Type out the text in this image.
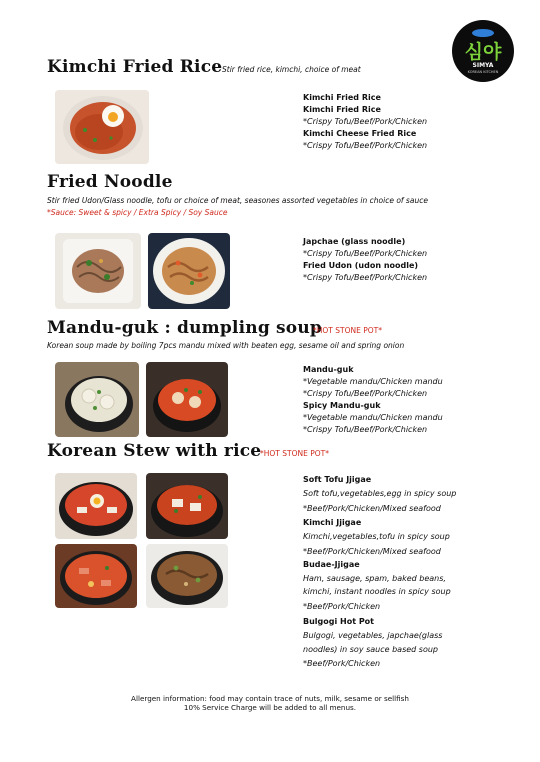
심야
SIMYA
KOREAN KITCHEN
Kimchi Fried Rice Stir fried rice, kimchi, choice of meat
Kimchi Fried Rice
Kimchi Fried Rice
*Crispy Tofu/Beef/Pork/Chicken
Kimchi Cheese Fried Rice
*Crispy Tofu/Beef/Pork/Chicken
Fried Noodle
Stir fried Udon/Glass noodle, tofu or choice of meat, seasones assorted vegetables in choice of sauce
*Sauce: Sweet & spicy / Extra Spicy / Soy Sauce
Japchae (glass noodle)
*Crispy Tofu/Beef/Pork/Chicken
Fried Udon (udon noodle)
*Crispy Tofu/Beef/Pork/Chicken
Mandu-guk : dumpling soup
*HOT STONE POT*
Korean soup made by boiling 7pcs mandu mixed with beaten egg, sesame oil and spring onion
Mandu-guk
*Vegetable mandu/Chicken mandu
*Crispy Tofu/Beef/Pork/Chicken
Spicy Mandu-guk
*Vegetable mandu/Chicken mandu
*Crispy Tofu/Beef/Pork/Chicken
Korean Stew with rice
*HOT STONE POT*
Soft Tofu Jjigae
Soft tofu,vegetables,egg in spicy soup
*Beef/Pork/Chicken/Mixed seafood
Kimchi Jjigae
Kimchi,vegetables,tofu in spicy soup
*Beef/Pork/Chicken/Mixed seafood
Budae-Jjigae
Ham, sausage, spam, baked beans,
kimchi, instant noodles in spicy soup
*Beef/Pork/Chicken
Bulgogi Hot Pot
Bulgogi, vegetables, japchae(glass
noodles) in soy sauce based soup
*Beef/Pork/Chicken
Allergen information: food may contain trace of nuts, milk, sesame or sellfish
10% Service Charge will be added to all menus.
